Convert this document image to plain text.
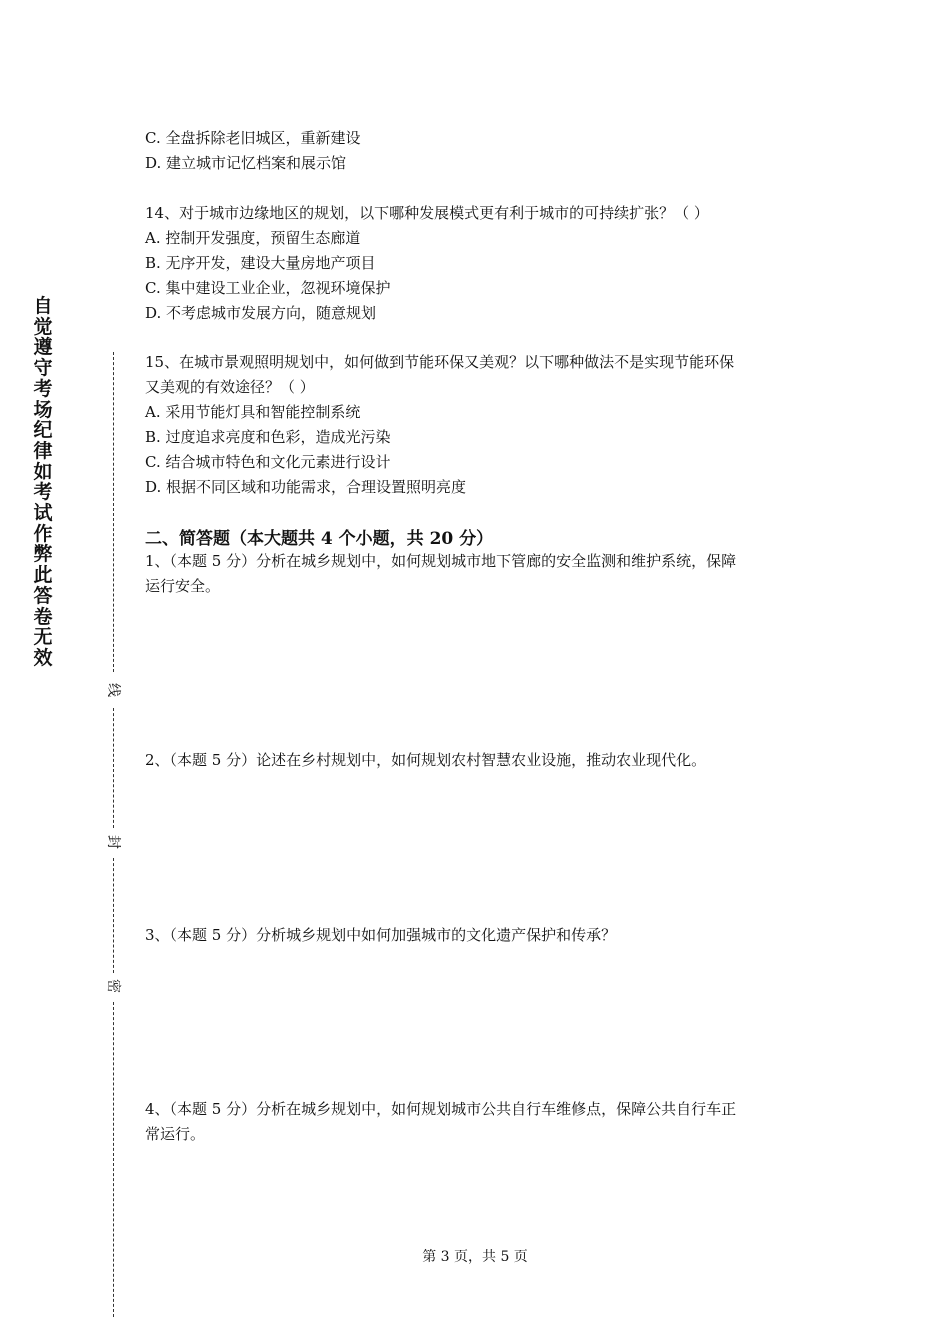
自
觉
遵
守
考
场
纪
律
如
考
试
作
弊
此
答
卷
无
效
线
封
密
C. 全盘拆除老旧城区，重新建设
D. 建立城市记忆档案和展示馆
14、对于城市边缘地区的规划，以下哪种发展模式更有利于城市的可持续扩张？（ ）
A. 控制开发强度，预留生态廊道
B. 无序开发，建设大量房地产项目
C. 集中建设工业企业，忽视环境保护
D. 不考虑城市发展方向，随意规划
15、在城市景观照明规划中，如何做到节能环保又美观？以下哪种做法不是实现节能环保
又美观的有效途径？（ ）
A. 采用节能灯具和智能控制系统
B. 过度追求亮度和色彩，造成光污染
C. 结合城市特色和文化元素进行设计
D. 根据不同区域和功能需求，合理设置照明亮度
二、简答题（本大题共 4 个小题，共 20 分）
1、（本题 5 分）分析在城乡规划中，如何规划城市地下管廊的安全监测和维护系统，保障
运行安全。
2、（本题 5 分）论述在乡村规划中，如何规划农村智慧农业设施，推动农业现代化。
3、（本题 5 分）分析城乡规划中如何加强城市的文化遗产保护和传承？
4、（本题 5 分）分析在城乡规划中，如何规划城市公共自行车维修点，保障公共自行车正
常运行。
第 3 页，共 5 页
